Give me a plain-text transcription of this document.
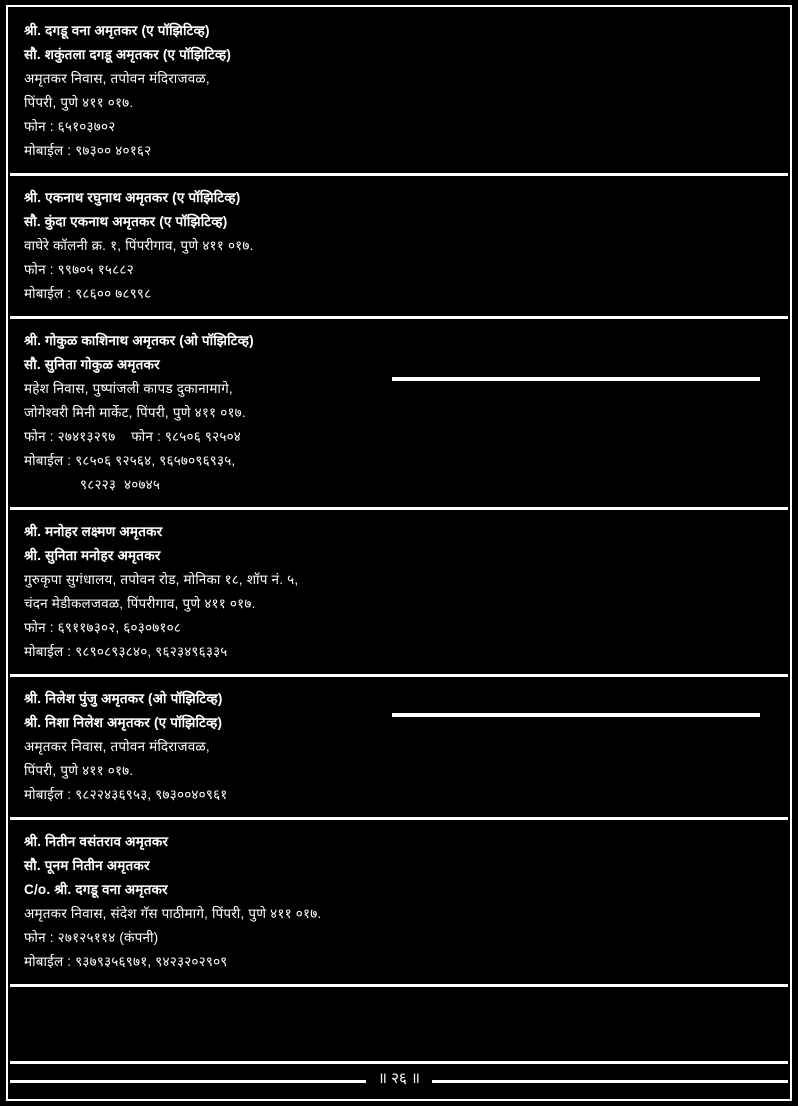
श्री. दगडू वना अमृतकर (ए पॉझिटिव्ह)
सौ. शकुंतला दगडू अमृतकर (ए पॉझिटिव्ह)
अमृतकर निवास, तपोवन मंदिराजवळ,
पिंपरी, पुणे ४११ ०१७.
फोन : ६५१०३७०२
मोबाईल : ९७३०० ४०१६२
श्री. एकनाथ रघुनाथ अमृतकर (ए पॉझिटिव्ह)
सौ. कुंदा एकनाथ अमृतकर (ए पॉझिटिव्ह)
वाघेरे कॉलनी क्र. १, पिंपरीगाव, पुणे ४११ ०१७.
फोन : ९९७०५ १५८८२
मोबाईल : ९८६०० ७८९९८
श्री. गोकुळ काशिनाथ अमृतकर (ओ पॉझिटिव्ह)
सौ. सुनिता गोकुळ अमृतकर
महेश निवास, पुष्पांजली कापड दुकानामागे,
जोगेश्वरी मिनी मार्केट, पिंपरी, पुणे ४११ ०१७.
फोन : २७४१३२९७    फोन : ९८५०६ ९२५०४
मोबाईल : ९८५०६ ९२५६४, ९६५७०९६९३५,
९८२२३  ४०७४५
श्री. मनोहर लक्ष्मण अमृतकर
श्री. सुनिता मनोहर अमृतकर
गुरुकृपा सुगंधालय, तपोवन रोड, मोनिका १८, शॉप नं. ५,
चंदन मेडीकलजवळ, पिंपरीगाव, पुणे ४११ ०१७.
फोन : ६९११७३०२, ६०३०७१०८
मोबाईल : ९८९०८९३८४०, ९६२३४९६३३५
श्री. निलेश पुंजु अमृतकर (ओ पॉझिटिव्ह)
श्री. निशा निलेश अमृतकर (ए पॉझिटिव्ह)
अमृतकर निवास, तपोवन मंदिराजवळ,
पिंपरी, पुणे ४११ ०१७.
मोबाईल : ९८२२४३६९५३, ९७३००४०९६१
श्री. नितीन वसंतराव अमृतकर
सौ. पूनम नितीन अमृतकर
C/o. श्री. दगडू वना अमृतकर
अमृतकर निवास, संदेश गॅस पाठीमागे, पिंपरी, पुणे ४११ ०१७.
फोन : २७१२५११४ (कंपनी)
मोबाईल : ९३७९३५६९७१, ९४२३२०२९०९
॥ २६ ॥
